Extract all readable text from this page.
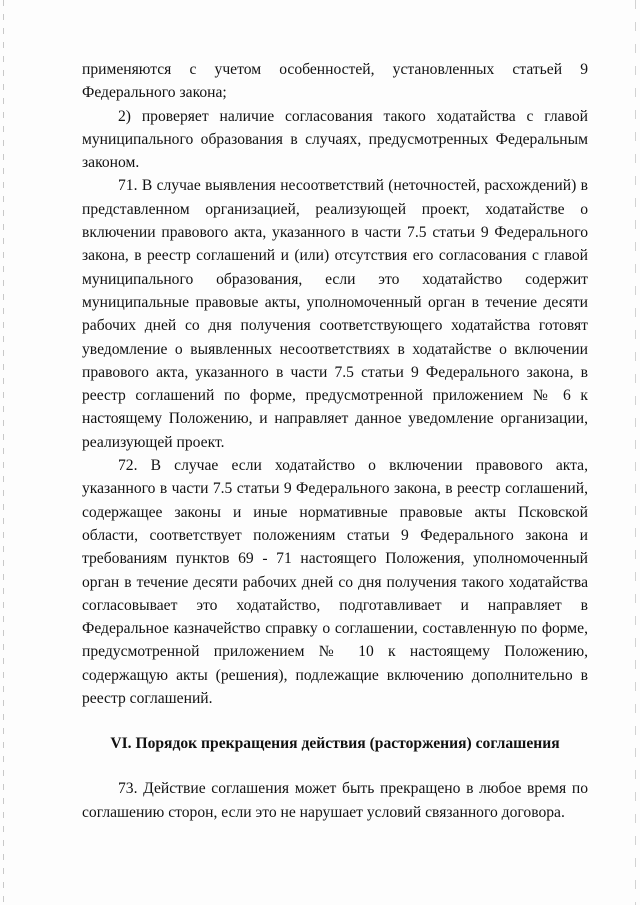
применяются с учетом особенностей, установленных статьей 9 Федерального закона;

2) проверяет наличие согласования такого ходатайства с главой муниципального образования в случаях, предусмотренных Федеральным законом.

71. В случае выявления несоответствий (неточностей, расхождений) в представленном организацией, реализующей проект, ходатайстве о включении правового акта, указанного в части 7.5 статьи 9 Федерального закона, в реестр соглашений и (или) отсутствия его согласования с главой муниципального образования, если это ходатайство содержит муниципальные правовые акты, уполномоченный орган в течение десяти рабочих дней со дня получения соответствующего ходатайства готовят уведомление о выявленных несоответствиях в ходатайстве о включении правового акта, указанного в части 7.5 статьи 9 Федерального закона, в реестр соглашений по форме, предусмотренной приложением № 6 к настоящему Положению, и направляет данное уведомление организации, реализующей проект.

72. В случае если ходатайство о включении правового акта, указанного в части 7.5 статьи 9 Федерального закона, в реестр соглашений, содержащее законы и иные нормативные правовые акты Псковской области, соответствует положениям статьи 9 Федерального закона и требованиям пунктов 69 - 71 настоящего Положения, уполномоченный орган в течение десяти рабочих дней со дня получения такого ходатайства согласовывает это ходатайство, подготавливает и направляет в Федеральное казначейство справку о соглашении, составленную по форме, предусмотренной приложением № 10 к настоящему Положению, содержащую акты (решения), подлежащие включению дополнительно в реестр соглашений.

VI. Порядок прекращения действия (расторжения) соглашения

73. Действие соглашения может быть прекращено в любое время по соглашению сторон, если это не нарушает условий связанного договора.
